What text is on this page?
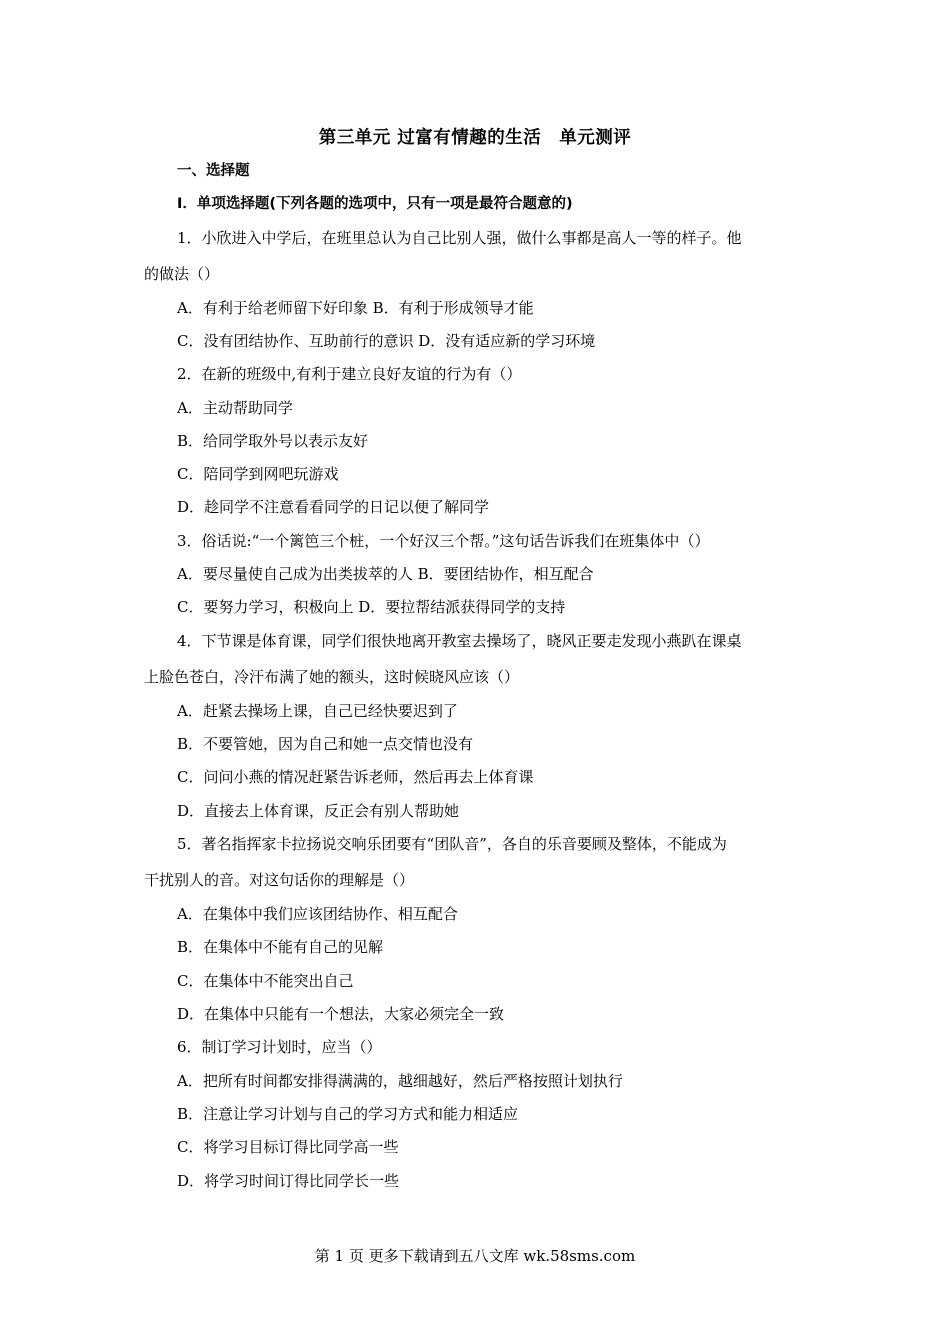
第三单元 过富有情趣的生活　单元测评
一、选择题
Ⅰ．单项选择题(下列各题的选项中，只有一项是最符合题意的)
1．小欣进入中学后，在班里总认为自己比别人强，做什么事都是高人一等的样子。他
的做法（）
A．有利于给老师留下好印象 B．有利于形成领导才能
C．没有团结协作、互助前行的意识 D．没有适应新的学习环境
2．在新的班级中,有利于建立良好友谊的行为有（）
A．主动帮助同学
B．给同学取外号以表示友好
C．陪同学到网吧玩游戏
D．趁同学不注意看看同学的日记以便了解同学
3．俗话说:“一个篱笆三个桩，一个好汉三个帮。”这句话告诉我们在班集体中（）
A．要尽量使自己成为出类拔萃的人 B．要团结协作，相互配合
C．要努力学习，积极向上 D．要拉帮结派获得同学的支持
4．下节课是体育课，同学们很快地离开教室去操场了，晓风正要走发现小燕趴在课桌
上脸色苍白，冷汗布满了她的额头，这时候晓风应该（）
A．赶紧去操场上课，自己已经快要迟到了
B．不要管她，因为自己和她一点交情也没有
C．问问小燕的情况赶紧告诉老师，然后再去上体育课
D．直接去上体育课，反正会有别人帮助她
5．著名指挥家卡拉扬说交响乐团要有“团队音”，各自的乐音要顾及整体，不能成为
干扰别人的音。对这句话你的理解是（）
A．在集体中我们应该团结协作、相互配合
B．在集体中不能有自己的见解
C．在集体中不能突出自己
D．在集体中只能有一个想法，大家必须完全一致
6．制订学习计划时，应当（）
A．把所有时间都安排得满满的，越细越好，然后严格按照计划执行
B．注意让学习计划与自己的学习方式和能力相适应
C．将学习目标订得比同学高一些
D．将学习时间订得比同学长一些
第 1 页 更多下载请到五八文库 wk.58sms.com
